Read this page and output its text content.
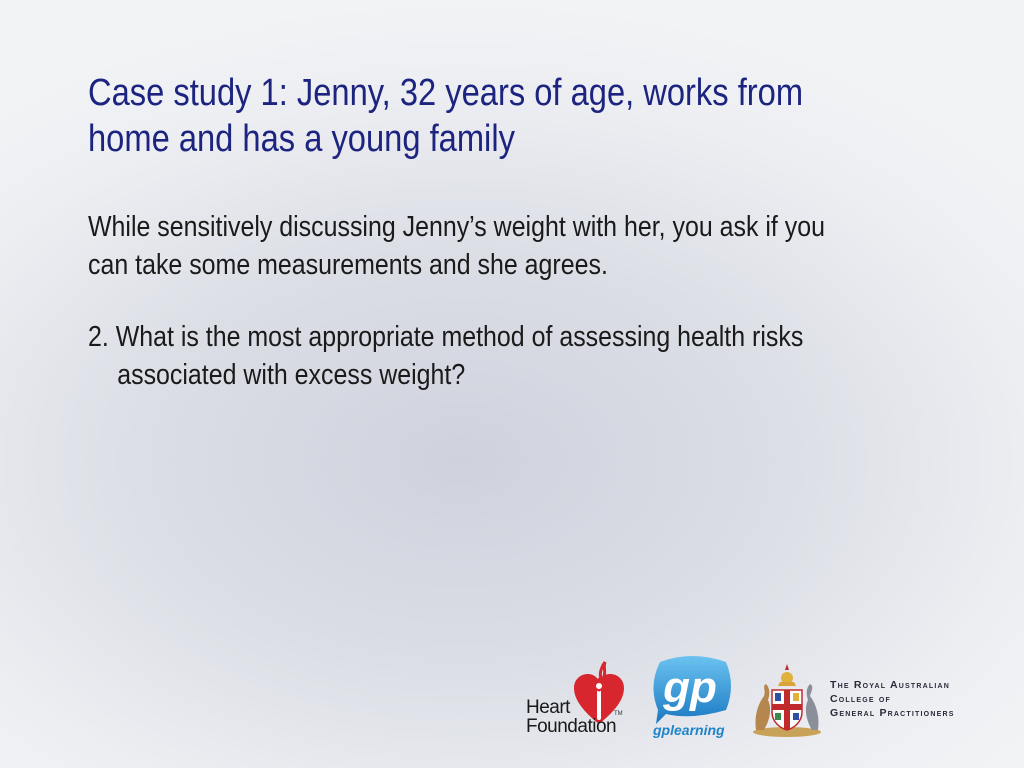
Case study 1: Jenny, 32 years of age, works from
home and has a young family
While sensitively discussing Jenny’s weight with her, you ask if you
can take some measurements and she agrees.
2. What is the most appropriate method of assessing health risks
associated with excess weight?
Heart
Foundation
TM
gp
gplearning
The Royal Australian
College of
General Practitioners
